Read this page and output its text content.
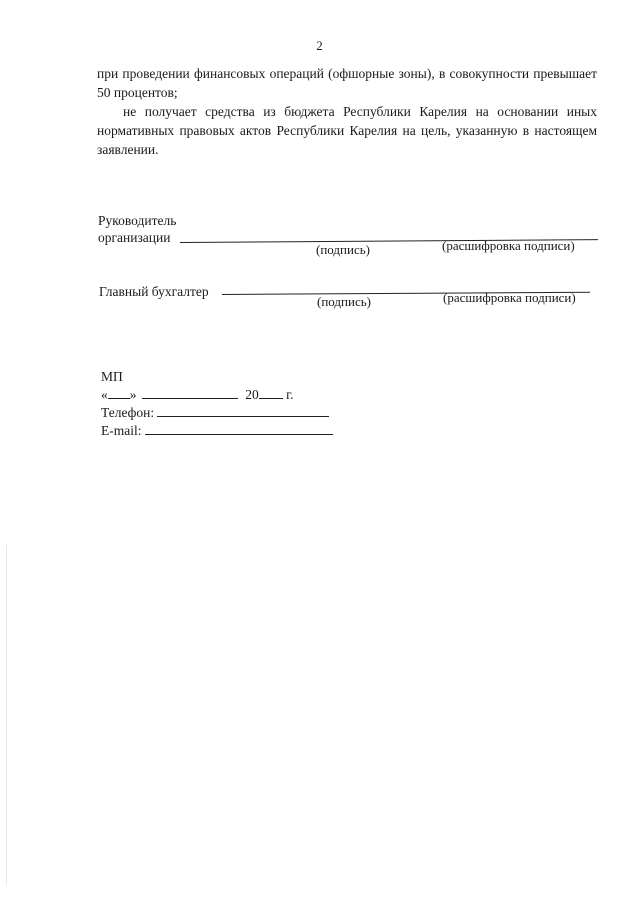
2
при проведении финансовых операций (офшорные зоны), в совокупности превышает 50 процентов;
не получает средства из бюджета Республики Карелия на основании иных нормативных правовых актов Республики Карелия на цель, указанную в настоящем заявлении.
Руководитель
организации
(подпись)	(расшифровка подписи)
Главный бухгалтер
(подпись)	(расшифровка подписи)
МП
« »	20 г.
Телефон:
E-mail:
